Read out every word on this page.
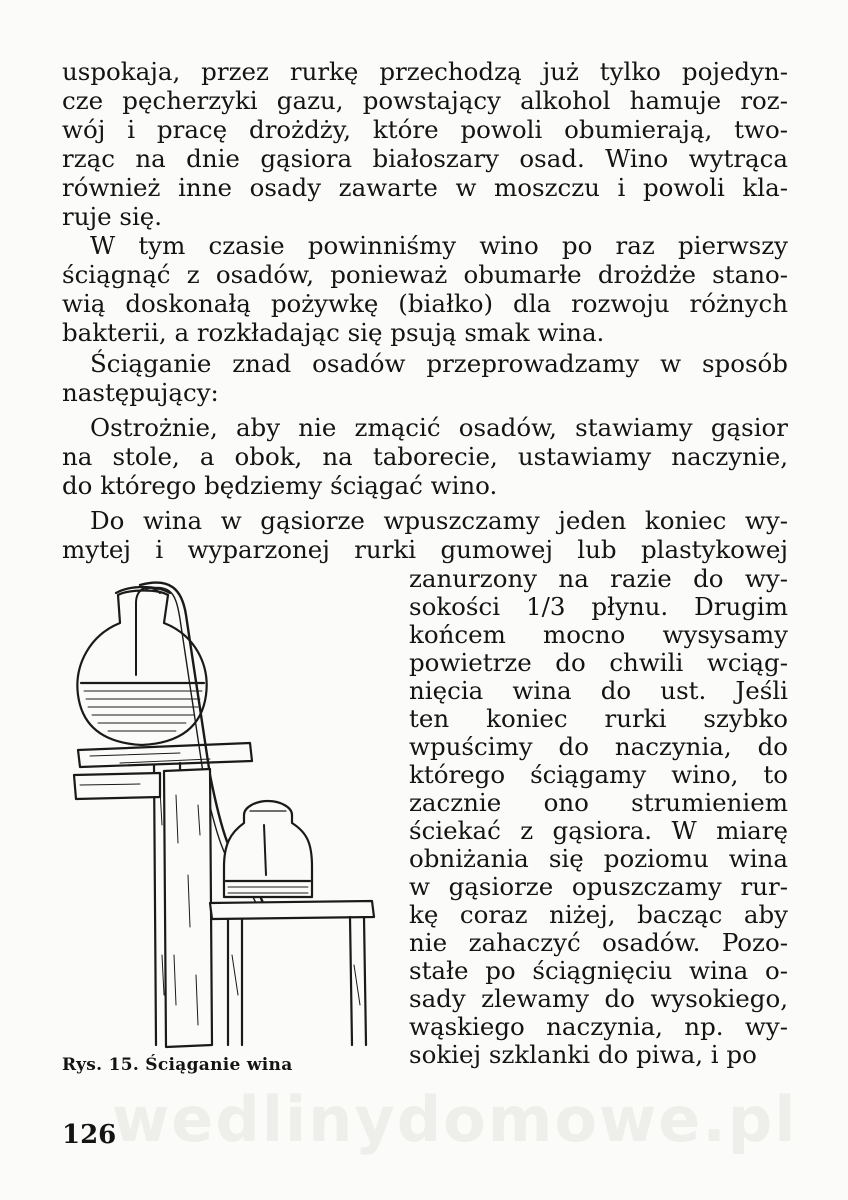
uspokaja, przez rurkę przechodzą już tylko pojedyn-
cze pęcherzyki gazu, powstający alkohol hamuje roz-
wój i pracę drożdży, które powoli obumierają, two-
rząc na dnie gąsiora białoszary osad. Wino wytrąca
również inne osady zawarte w moszczu i powoli kla-
ruje się.
W tym czasie powinniśmy wino po raz pierwszy
ściągnąć z osadów, ponieważ obumarłe drożdże stano-
wią doskonałą pożywkę (białko) dla rozwoju różnych
bakterii, a rozkładając się psują smak wina.
Ściąganie znad osadów przeprowadzamy w sposób
następujący:
Ostrożnie, aby nie zmącić osadów, stawiamy gąsior
na stole, a obok, na taborecie, ustawiamy naczynie,
do którego będziemy ściągać wino.
Do wina w gąsiorze wpuszczamy jeden koniec wy-
mytej i wyparzonej rurki gumowej lub plastykowej
zanurzony na razie do wy-
sokości 1/3 płynu. Drugim
końcem mocno wysysamy
powietrze do chwili wciąg-
nięcia wina do ust. Jeśli
ten koniec rurki szybko
wpuścimy do naczynia, do
którego ściągamy wino, to
zacznie ono strumieniem
ściekać z gąsiora. W miarę
obniżania się poziomu wina
w gąsiorze opuszczamy rur-
kę coraz niżej, bacząc aby
nie zahaczyć osadów. Pozo-
stałe po ściągnięciu wina o-
sady zlewamy do wysokiego,
wąskiego naczynia, np. wy-
sokiej szklanki do piwa, i po
Rys. 15. Ściąganie wina
wedlinydomowe.pl
126
